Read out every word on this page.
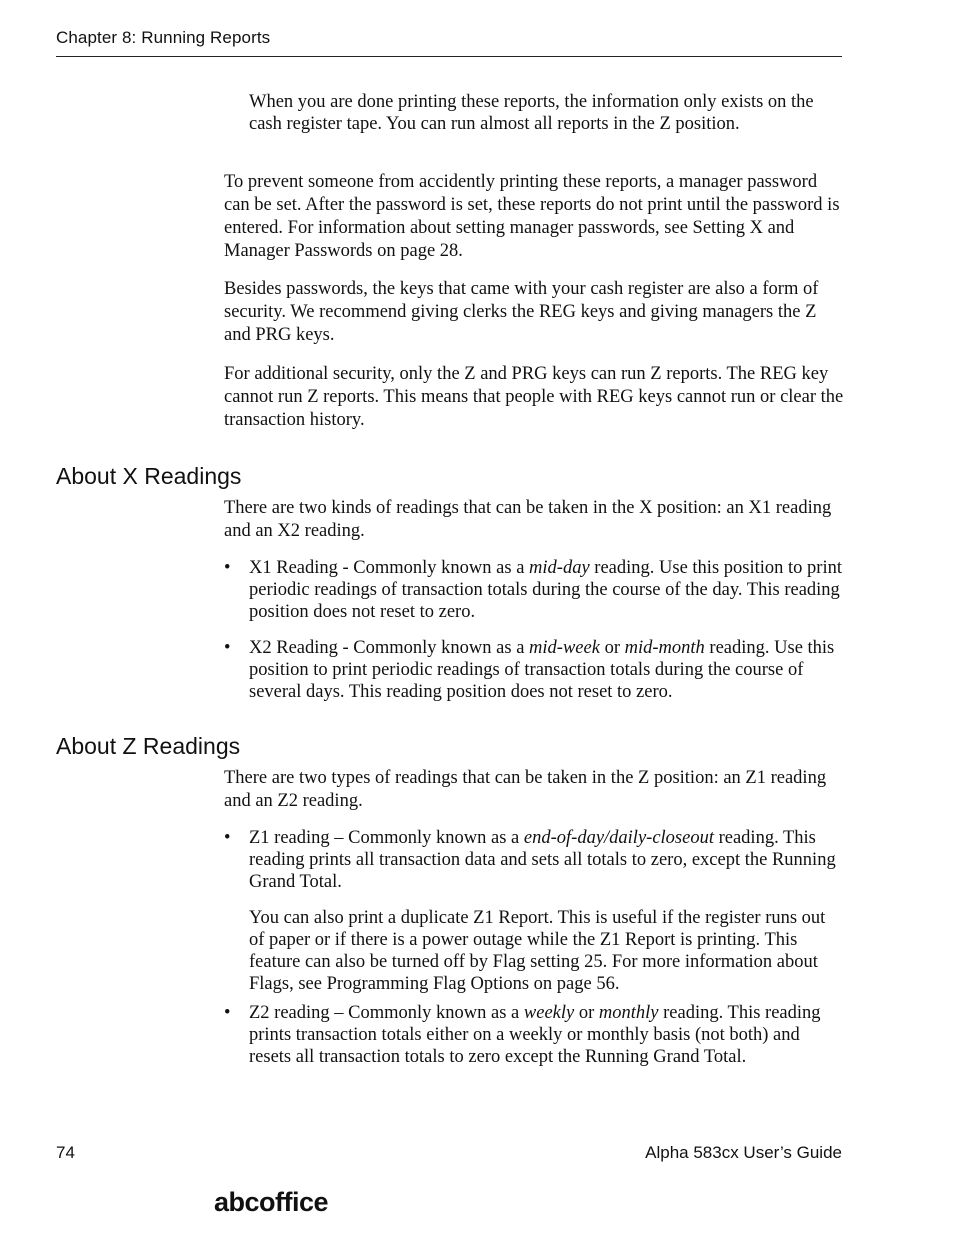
Chapter 8: Running Reports

When you are done printing these reports, the information only exists on the cash register tape. You can run almost all reports in the Z position.

To prevent someone from accidently printing these reports, a manager password can be set. After the password is set, these reports do not print until the password is entered. For information about setting manager passwords, see Setting X and Manager Passwords on page 28.

Besides passwords, the keys that came with your cash register are also a form of security. We recommend giving clerks the REG keys and giving managers the Z and PRG keys.

For additional security, only the Z and PRG keys can run Z reports. The REG key cannot run Z reports. This means that people with REG keys cannot run or clear the transaction history.

About X Readings

There are two kinds of readings that can be taken in the X position: an X1 reading and an X2 reading.

• X1 Reading - Commonly known as a mid-day reading. Use this position to print periodic readings of transaction totals during the course of the day. This reading position does not reset to zero.

• X2 Reading - Commonly known as a mid-week or mid-month reading. Use this position to print periodic readings of transaction totals during the course of several days. This reading position does not reset to zero.

About Z Readings

There are two types of readings that can be taken in the Z position: an Z1 reading and an Z2 reading.

• Z1 reading – Commonly known as a end-of-day/daily-closeout reading. This reading prints all transaction data and sets all totals to zero, except the Running Grand Total.

You can also print a duplicate Z1 Report. This is useful if the register runs out of paper or if there is a power outage while the Z1 Report is printing. This feature can also be turned off by Flag setting 25. For more information about Flags, see Programming Flag Options on page 56.

• Z2 reading – Commonly known as a weekly or monthly reading. This reading prints transaction totals either on a weekly or monthly basis (not both) and resets all transaction totals to zero except the Running Grand Total.

74	Alpha 583cx User’s Guide
abcoffice
